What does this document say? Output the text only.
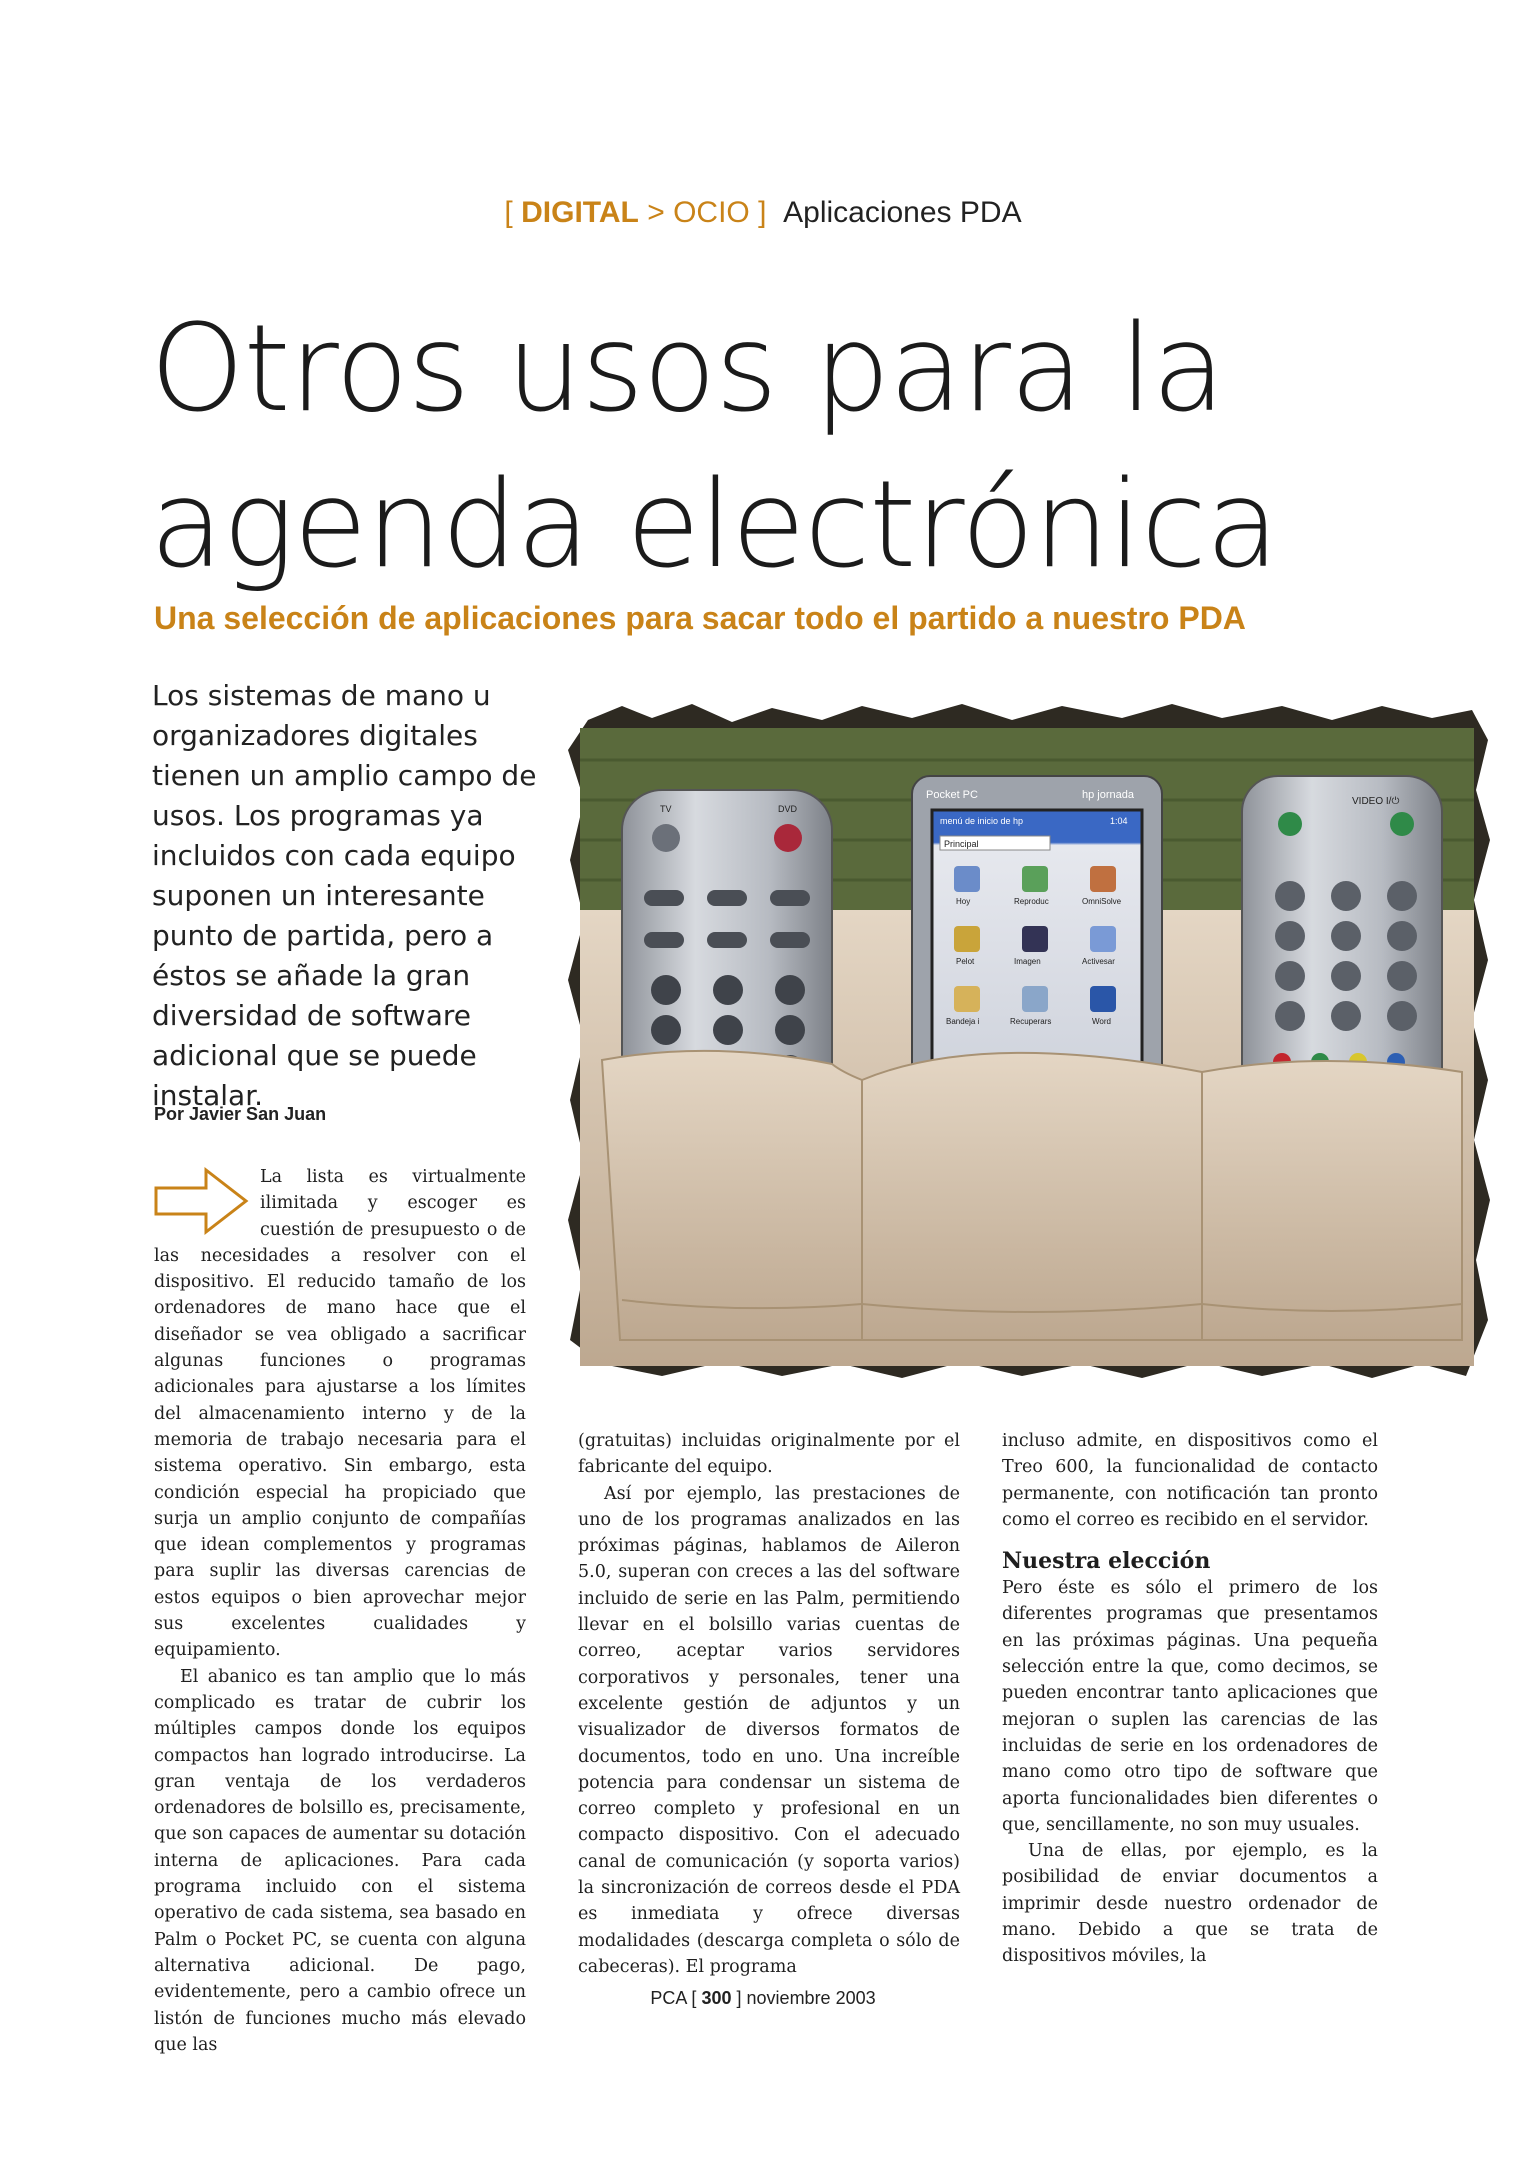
[ DIGITAL > OCIO ] Aplicaciones PDA
Otros usos para la
agenda electrónica

Una selección de aplicaciones para sacar todo el partido a nuestro PDA

Los sistemas de mano u organizadores digitales tienen un amplio campo de usos. Los programas ya incluidos con cada equipo suponen un interesante punto de partida, pero a éstos se añade la gran diversidad de software adicional que se puede instalar.

Por Javier San Juan
TV	DVD
Pocket PC	hp jornada
menú de inicio de hp	1:04
Principal
Hoy	Reproduc	OmniSolve
Pelot	Imagen	Activesar
Bandeja i	Recuperars	Word
VIDEO I/⏻

La lista es virtualmente ilimitada y escoger es cuestión de presupuesto o de las necesidades a resolver con el dispositivo. El reducido tamaño de los ordenadores de mano hace que el diseñador se vea obligado a sacrificar algunas funciones o programas adicionales para ajustarse a los límites del almacenamiento interno y de la memoria de trabajo necesaria para el sistema operativo. Sin embargo, esta condición especial ha propiciado que surja un amplio conjunto de compañías que idean complementos y programas para suplir las diversas carencias de estos equipos o bien aprovechar mejor sus excelentes cualidades y equipamiento.

El abanico es tan amplio que lo más complicado es tratar de cubrir los múltiples campos donde los equipos compactos han logrado introducirse. La gran ventaja de los verdaderos ordenadores de bolsillo es, precisamente, que son capaces de aumentar su dotación interna de aplicaciones. Para cada programa incluido con el sistema operativo de cada sistema, sea basado en Palm o Pocket PC, se cuenta con alguna alternativa adicional. De pago, evidentemente, pero a cambio ofrece un listón de funciones mucho más elevado que las

(gratuitas) incluidas originalmente por el fabricante del equipo.

Así por ejemplo, las prestaciones de uno de los programas analizados en las próximas páginas, hablamos de Aileron 5.0, superan con creces a las del software incluido de serie en las Palm, permitiendo llevar en el bolsillo varias cuentas de correo, aceptar varios servidores corporativos y personales, tener una excelente gestión de adjuntos y un visualizador de diversos formatos de documentos, todo en uno. Una increíble potencia para condensar un sistema de correo completo y profesional en un compacto dispositivo. Con el adecuado canal de comunicación (y soporta varios) la sincronización de correos desde el PDA es inmediata y ofrece diversas modalidades (descarga completa o sólo de cabeceras). El programa

incluso admite, en dispositivos como el Treo 600, la funcionalidad de contacto permanente, con notificación tan pronto como el correo es recibido en el servidor.

Nuestra elección

Pero éste es sólo el primero de los diferentes programas que presentamos en las próximas páginas. Una pequeña selección entre la que, como decimos, se pueden encontrar tanto aplicaciones que mejoran o suplen las carencias de las incluidas de serie en los ordenadores de mano como otro tipo de software que aporta funcionalidades bien diferentes o que, sencillamente, no son muy usuales.

Una de ellas, por ejemplo, es la posibilidad de enviar documentos a imprimir desde nuestro ordenador de mano. Debido a que se trata de dispositivos móviles, la

PCA [ 300 ] noviembre 2003
